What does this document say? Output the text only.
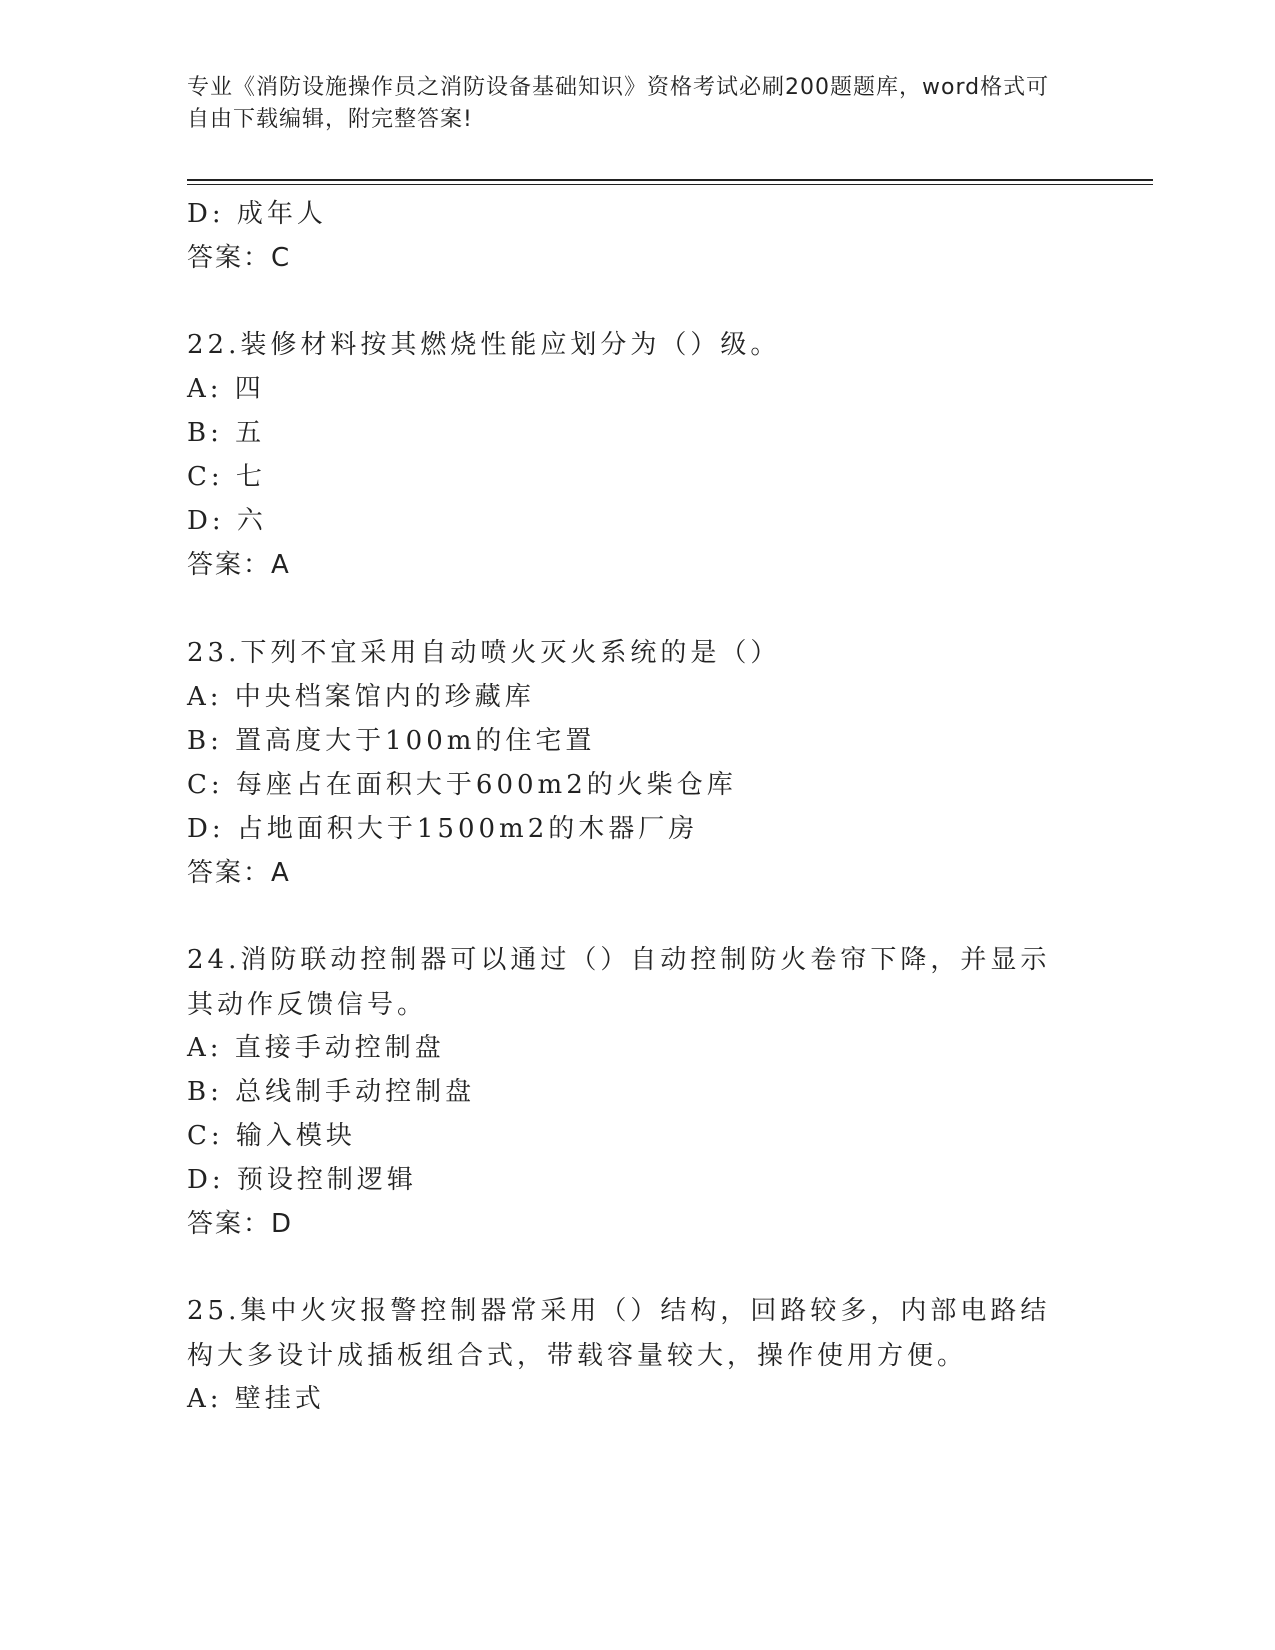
专业《消防设施操作员之消防设备基础知识》资格考试必刷200题题库，word格式可自由下载编辑，附完整答案!
D: 成年人
答案：C
22.装修材料按其燃烧性能应划分为（）级。
A: 四
B: 五
C: 七
D: 六
答案：A
23.下列不宜采用自动喷火灭火系统的是（）
A: 中央档案馆内的珍藏库
B: 置高度大于100m的住宅置
C: 每座占在面积大于600m2的火柴仓库
D: 占地面积大于1500m2的木器厂房
答案：A
24.消防联动控制器可以通过（）自动控制防火卷帘下降，并显示其动作反馈信号。
A: 直接手动控制盘
B: 总线制手动控制盘
C: 输入模块
D: 预设控制逻辑
答案：D
25.集中火灾报警控制器常采用（）结构，回路较多，内部电路结构大多设计成插板组合式，带载容量较大，操作使用方便。
A: 壁挂式
